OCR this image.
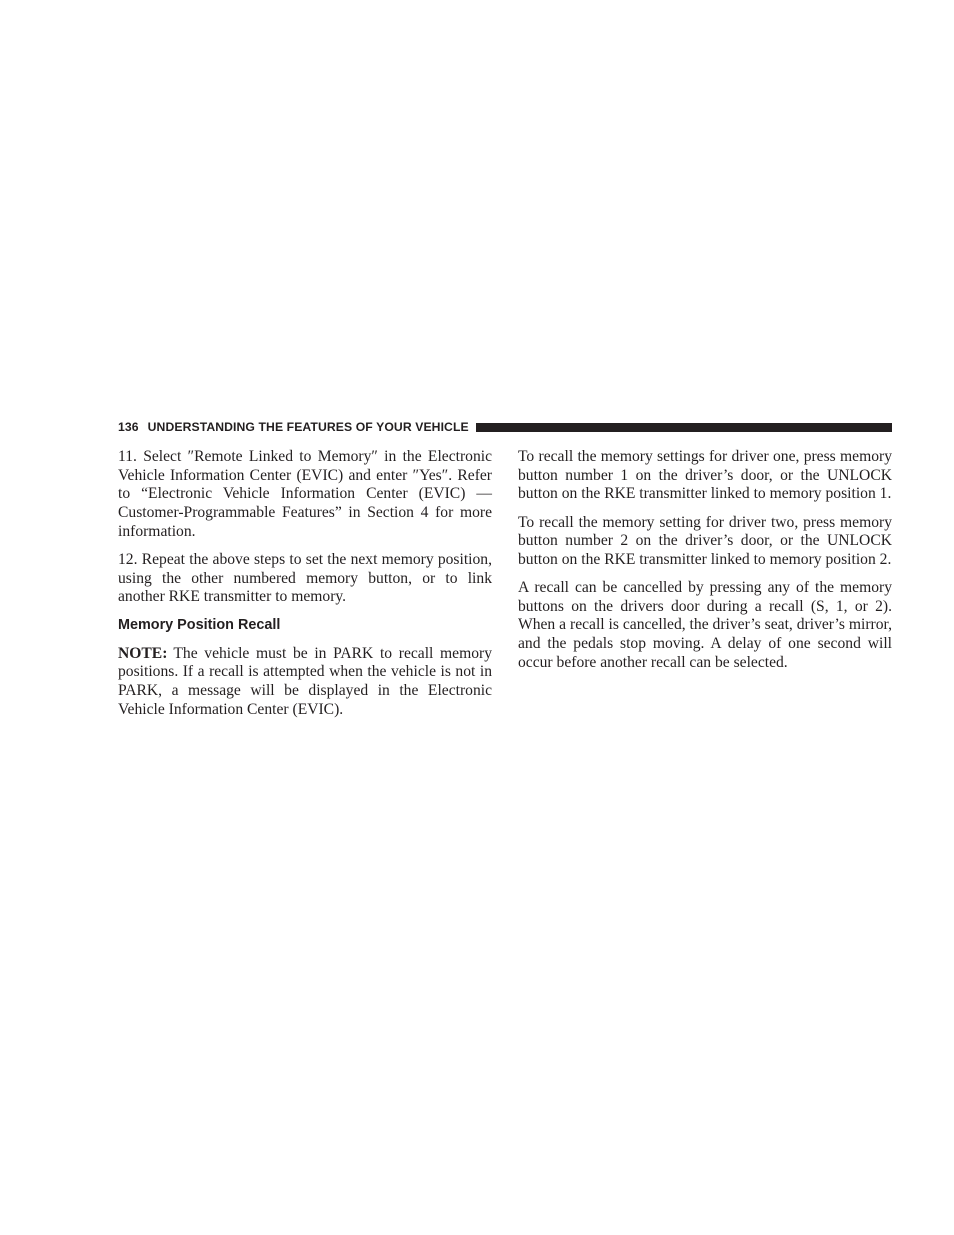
136 UNDERSTANDING THE FEATURES OF YOUR VEHICLE

11. Select ″Remote Linked to Memory″ in the Electronic Vehicle Information Center (EVIC) and enter ″Yes″. Refer to “Electronic Vehicle Information Center (EVIC) — Customer-Programmable Features” in Section 4 for more information.

12. Repeat the above steps to set the next memory position, using the other numbered memory button, or to link another RKE transmitter to memory.

Memory Position Recall

NOTE: The vehicle must be in PARK to recall memory positions. If a recall is attempted when the vehicle is not in PARK, a message will be displayed in the Electronic Vehicle Information Center (EVIC).

To recall the memory settings for driver one, press memory button number 1 on the driver’s door, or the UNLOCK button on the RKE transmitter linked to memory position 1.

To recall the memory setting for driver two, press memory button number 2 on the driver’s door, or the UNLOCK button on the RKE transmitter linked to memory position 2.

A recall can be cancelled by pressing any of the memory buttons on the drivers door during a recall (S, 1, or 2). When a recall is cancelled, the driver’s seat, driver’s mirror, and the pedals stop moving. A delay of one second will occur before another recall can be selected.
